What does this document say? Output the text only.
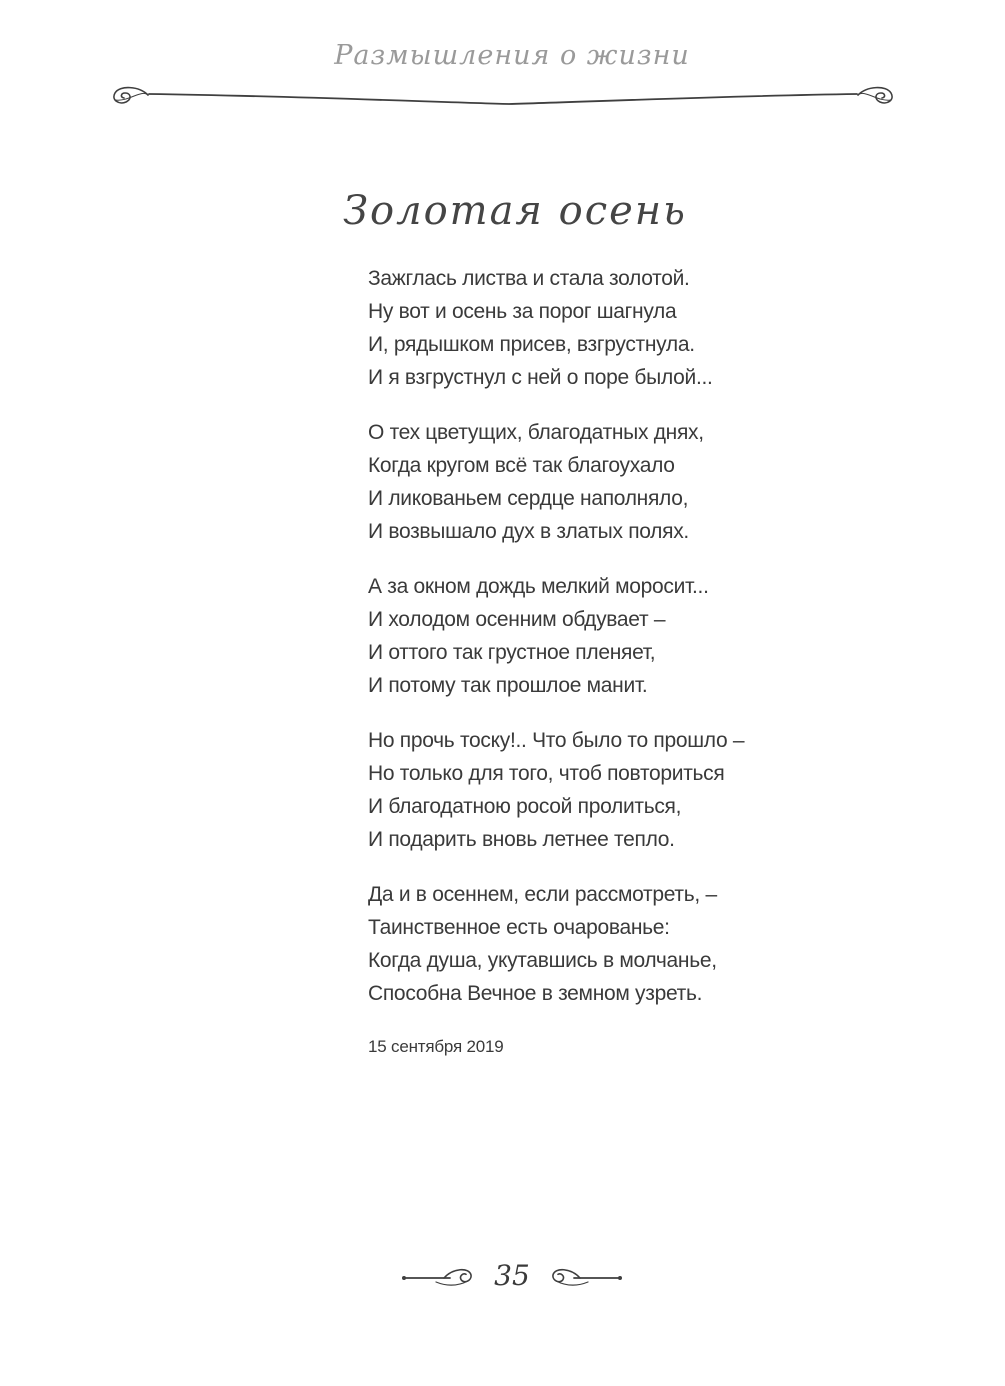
Размышления о жизни
Золотая осень
Зажглась листва и стала золотой.
Ну вот и осень за порог шагнула
И, рядышком присев, взгрустнула.
И я взгрустнул с ней о поре былой...
О тех цветущих, благодатных днях,
Когда кругом всё так благоухало
И ликованьем сердце наполняло,
И возвышало дух в златых полях.
А за окном дождь мелкий моросит...
И холодом осенним обдувает –
И оттого так грустное пленяет,
И потому так прошлое манит.
Но прочь тоску!.. Что было то прошло –
Но только для того, чтоб повториться
И благодатною росой пролиться,
И подарить вновь летнее тепло.
Да и в осеннем, если рассмотреть, –
Таинственное есть очарованье:
Когда душа, укутавшись в молчанье,
Способна Вечное в земном узреть.
15 сентября 2019
35
